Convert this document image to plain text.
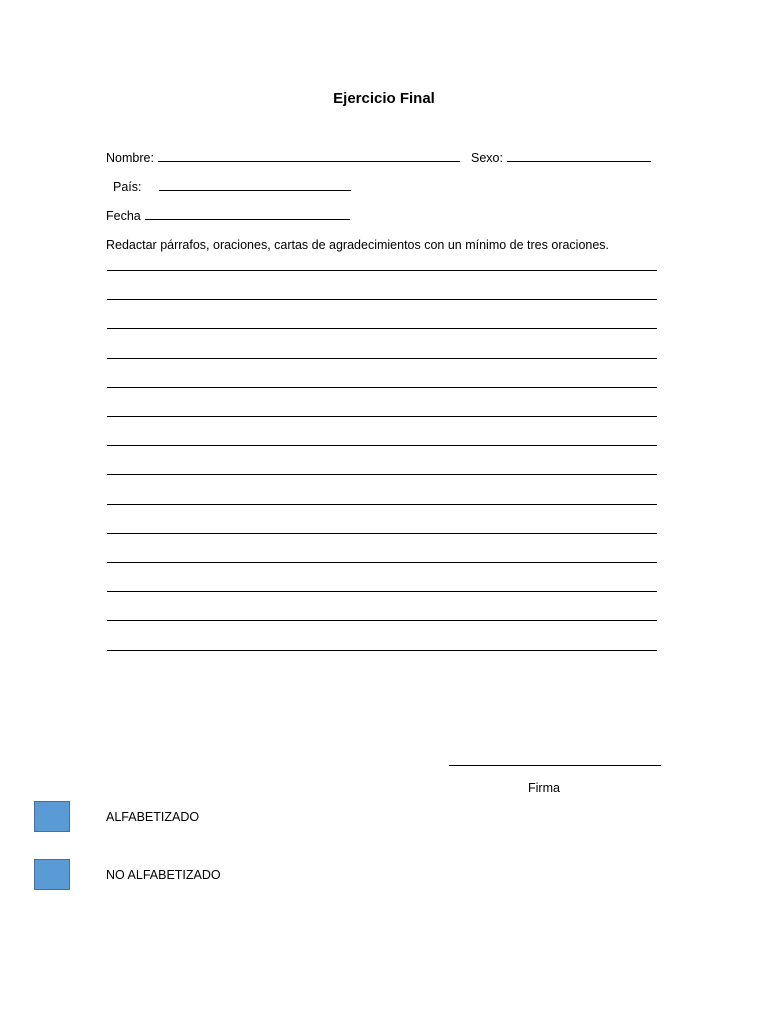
Ejercicio Final
Nombre:	Sexo:
País:
Fecha
Redactar párrafos, oraciones, cartas de agradecimientos con un mínimo de tres oraciones.
Firma
ALFABETIZADO
NO ALFABETIZADO
